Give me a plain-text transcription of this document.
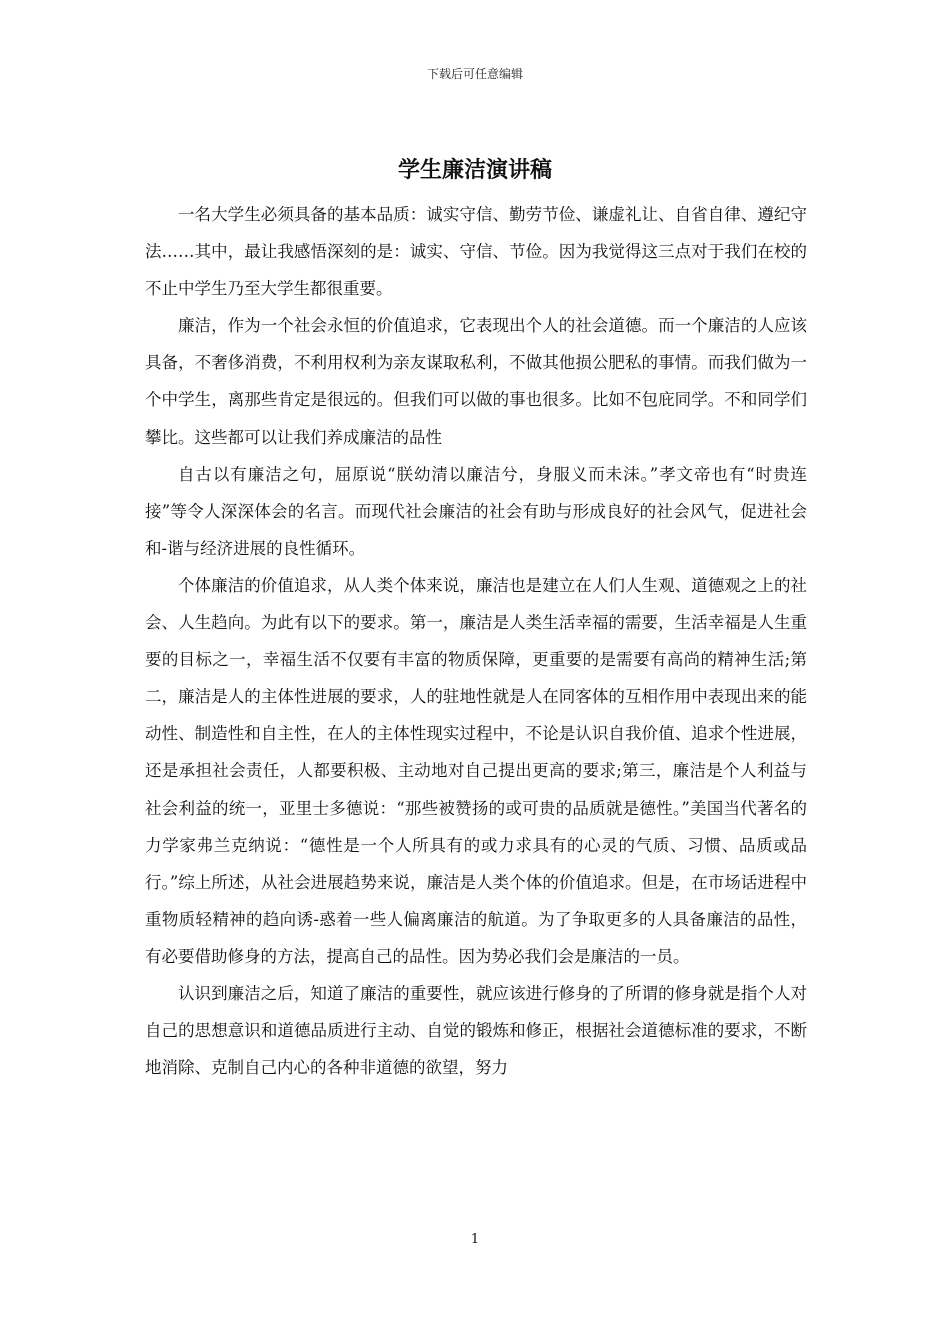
下载后可任意编辑
学生廉洁演讲稿

一名大学生必须具备的基本品质：诚实守信、勤劳节俭、谦虚礼让、自省自律、遵纪守法……其中，最让我感悟深刻的是：诚实、守信、节俭。因为我觉得这三点对于我们在校的不止中学生乃至大学生都很重要。

廉洁，作为一个社会永恒的价值追求，它表现出个人的社会道德。而一个廉洁的人应该具备，不奢侈消费，不利用权利为亲友谋取私利，不做其他损公肥私的事情。而我们做为一个中学生，离那些肯定是很远的。但我们可以做的事也很多。比如不包庇同学。不和同学们攀比。这些都可以让我们养成廉洁的品性

自古以有廉洁之句，屈原说“朕幼清以廉洁兮，身服义而未沫。”孝文帝也有“时贵连接”等令人深深体会的名言。而现代社会廉洁的社会有助与形成良好的社会风气，促进社会和-谐与经济进展的良性循环。

个体廉洁的价值追求，从人类个体来说，廉洁也是建立在人们人生观、道德观之上的社会、人生趋向。为此有以下的要求。第一，廉洁是人类生活幸福的需要，生活幸福是人生重要的目标之一，幸福生活不仅要有丰富的物质保障，更重要的是需要有高尚的精神生活;第二，廉洁是人的主体性进展的要求，人的驻地性就是人在同客体的互相作用中表现出来的能动性、制造性和自主性，在人的主体性现实过程中，不论是认识自我价值、追求个性进展，还是承担社会责任，人都要积极、主动地对自己提出更高的要求;第三，廉洁是个人利益与社会利益的统一，亚里士多德说：“那些被赞扬的或可贵的品质就是德性。”美国当代著名的力学家弗兰克纳说：“德性是一个人所具有的或力求具有的心灵的气质、习惯、品质或品行。”综上所述，从社会进展趋势来说，廉洁是人类个体的价值追求。但是，在市场话进程中重物质轻精神的趋向诱-惑着一些人偏离廉洁的航道。为了争取更多的人具备廉洁的品性，有必要借助修身的方法，提高自己的品性。因为势必我们会是廉洁的一员。

认识到廉洁之后，知道了廉洁的重要性，就应该进行修身的了所谓的修身就是指个人对自己的思想意识和道德品质进行主动、自觉的锻炼和修正，根据社会道德标准的要求，不断地消除、克制自己内心的各种非道德的欲望，努力

1
